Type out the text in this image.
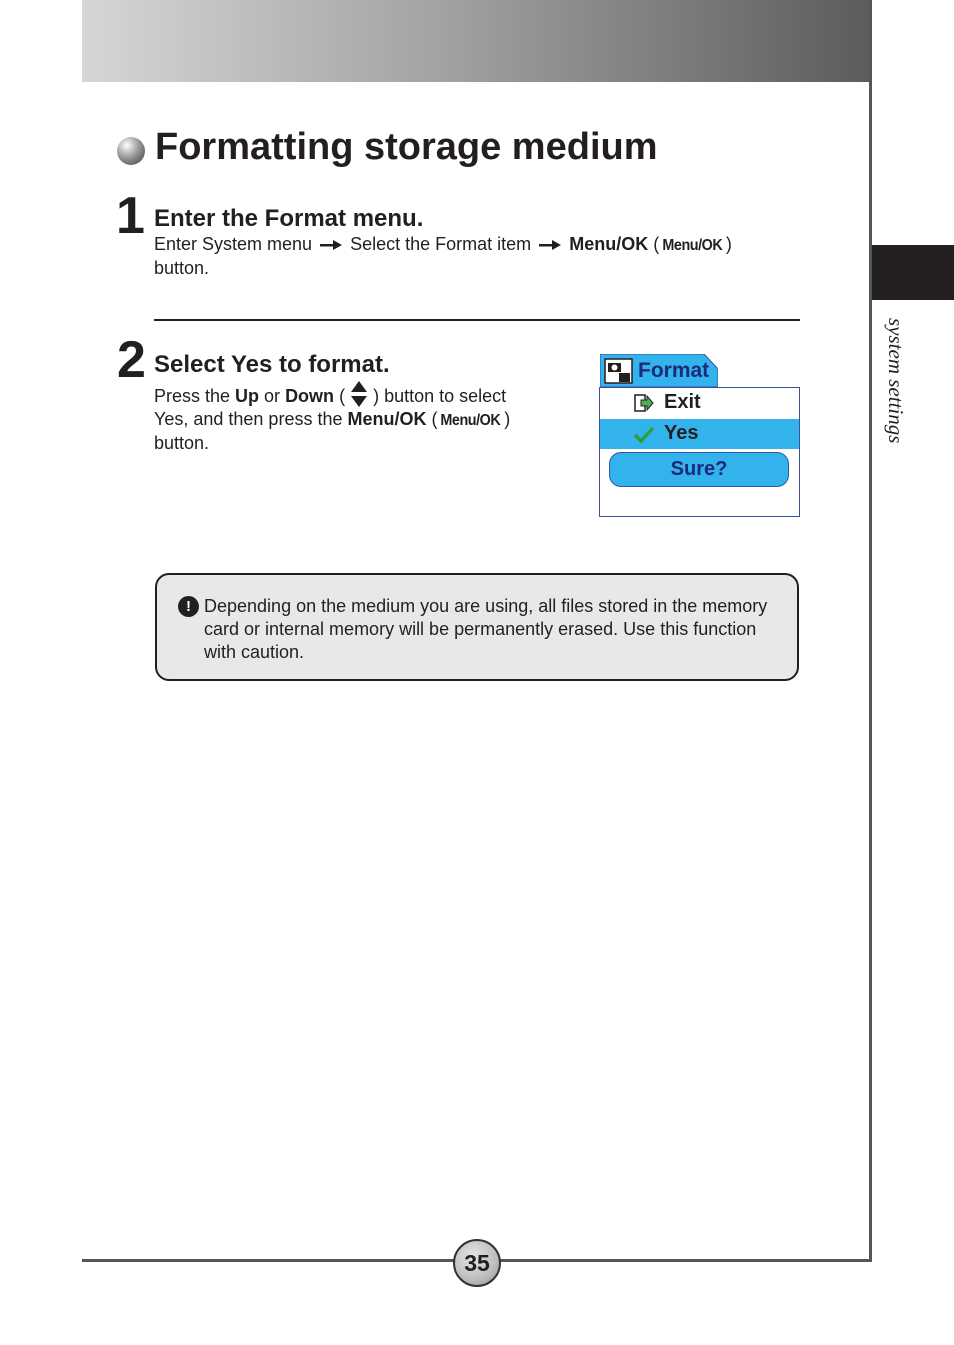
system settings
Formatting storage medium
1 Enter the Format menu.
Enter System menu Select the Format item Menu/OK ( Menu/OK )
button.
2 Select Yes to format.
Press the Up or Down (  ) button to select
Yes, and then press the Menu/OK ( Menu/OK )
button.
Format
Exit
Yes
Sure?
! Depending on the medium you are using, all files stored in the memory card or internal memory will be permanently erased. Use this function with caution.
35
